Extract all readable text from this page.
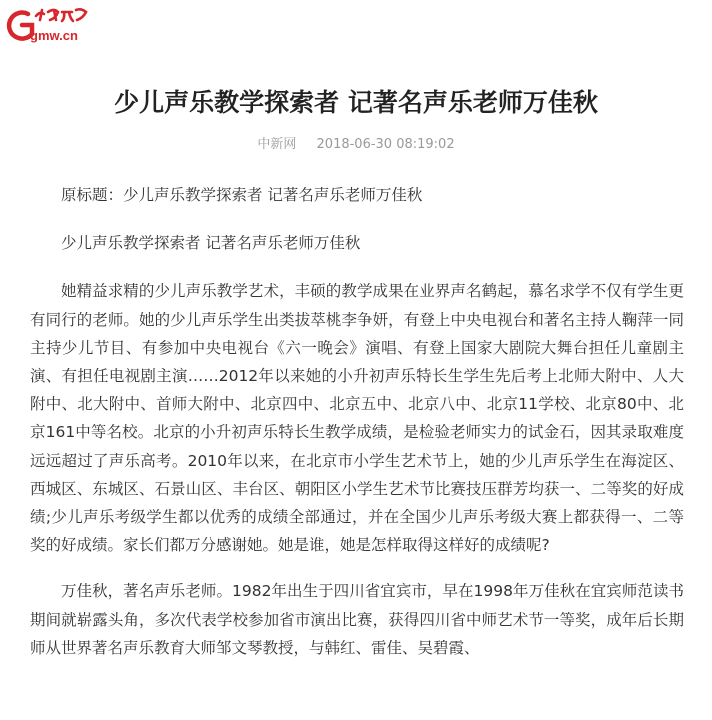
gmw.cn
少儿声乐教学探索者 记著名声乐老师万佳秋
中新网 2018-06-30 08:19:02

原标题：少儿声乐教学探索者 记著名声乐老师万佳秋

少儿声乐教学探索者 记著名声乐老师万佳秋

她精益求精的少儿声乐教学艺术，丰硕的教学成果在业界声名鹤起，慕名求学不仅有学生更有同行的老师。她的少儿声乐学生出类拔萃桃李争妍，有登上中央电视台和著名主持人鞠萍一同主持少儿节目、有参加中央电视台《六一晚会》演唱、有登上国家大剧院大舞台担任儿童剧主演、有担任电视剧主演……2012年以来她的小升初声乐特长生学生先后考上北师大附中、人大附中、北大附中、首师大附中、北京四中、北京五中、北京八中、北京11学校、北京80中、北京161中等名校。北京的小升初声乐特长生教学成绩，是检验老师实力的试金石，因其录取难度远远超过了声乐高考。2010年以来，在北京市小学生艺术节上，她的少儿声乐学生在海淀区、西城区、东城区、石景山区、丰台区、朝阳区小学生艺术节比赛技压群芳均获一、二等奖的好成绩;少儿声乐考级学生都以优秀的成绩全部通过，并在全国少儿声乐考级大赛上都获得一、二等奖的好成绩。家长们都万分感谢她。她是谁，她是怎样取得这样好的成绩呢?

万佳秋，著名声乐老师。1982年出生于四川省宜宾市，早在1998年万佳秋在宜宾师范读书期间就崭露头角，多次代表学校参加省市演出比赛，获得四川省中师艺术节一等奖，成年后长期师从世界著名声乐教育大师邹文琴教授，与韩红、雷佳、吴碧霞、
